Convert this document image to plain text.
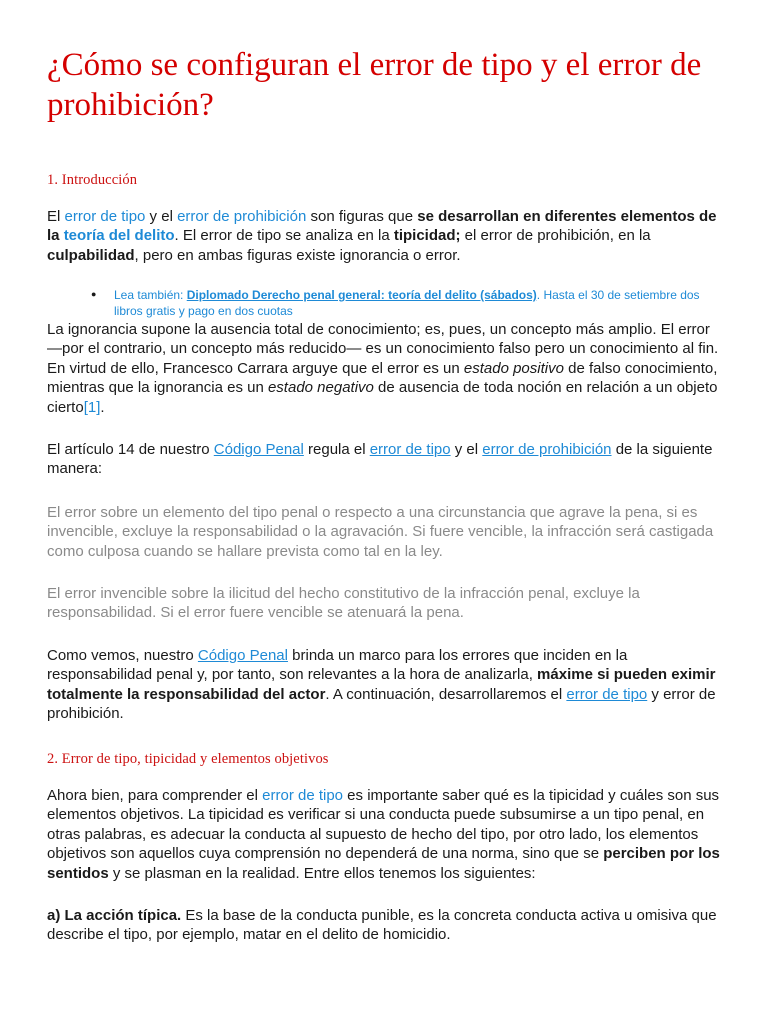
¿Cómo se configuran el error de tipo y el error de prohibición?

1. Introducción

El error de tipo y el error de prohibición son figuras que se desarrollan en diferentes elementos de la teoría del delito. El error de tipo se analiza en la tipicidad; el error de prohibición, en la culpabilidad, pero en ambas figuras existe ignorancia o error.

● Lea también: Diplomado Derecho penal general: teoría del delito (sábados). Hasta el 30 de setiembre dos libros gratis y pago en dos cuotas

La ignorancia supone la ausencia total de conocimiento; es, pues, un concepto más amplio. El error —por el contrario, un concepto más reducido— es un conocimiento falso pero un conocimiento al fin. En virtud de ello, Francesco Carrara arguye que el error es un estado positivo de falso conocimiento, mientras que la ignorancia es un estado negativo de ausencia de toda noción en relación a un objeto cierto[1].

El artículo 14 de nuestro Código Penal regula el error de tipo y el error de prohibición de la siguiente manera:

El error sobre un elemento del tipo penal o respecto a una circunstancia que agrave la pena, si es invencible, excluye la responsabilidad o la agravación. Si fuere vencible, la infracción será castigada como culposa cuando se hallare prevista como tal en la ley.

El error invencible sobre la ilicitud del hecho constitutivo de la infracción penal, excluye la responsabilidad. Si el error fuere vencible se atenuará la pena.

Como vemos, nuestro Código Penal brinda un marco para los errores que inciden en la responsabilidad penal y, por tanto, son relevantes a la hora de analizarla, máxime si pueden eximir totalmente la responsabilidad del actor. A continuación, desarrollaremos el error de tipo y error de prohibición.

2. Error de tipo, tipicidad y elementos objetivos

Ahora bien, para comprender el error de tipo es importante saber qué es la tipicidad y cuáles son sus elementos objetivos. La tipicidad es verificar si una conducta puede subsumirse a un tipo penal, en otras palabras, es adecuar la conducta al supuesto de hecho del tipo, por otro lado, los elementos objetivos son aquellos cuya comprensión no dependerá de una norma, sino que se perciben por los sentidos y se plasman en la realidad. Entre ellos tenemos los siguientes:

a) La acción típica. Es la base de la conducta punible, es la concreta conducta activa u omisiva que describe el tipo, por ejemplo, matar en el delito de homicidio.
